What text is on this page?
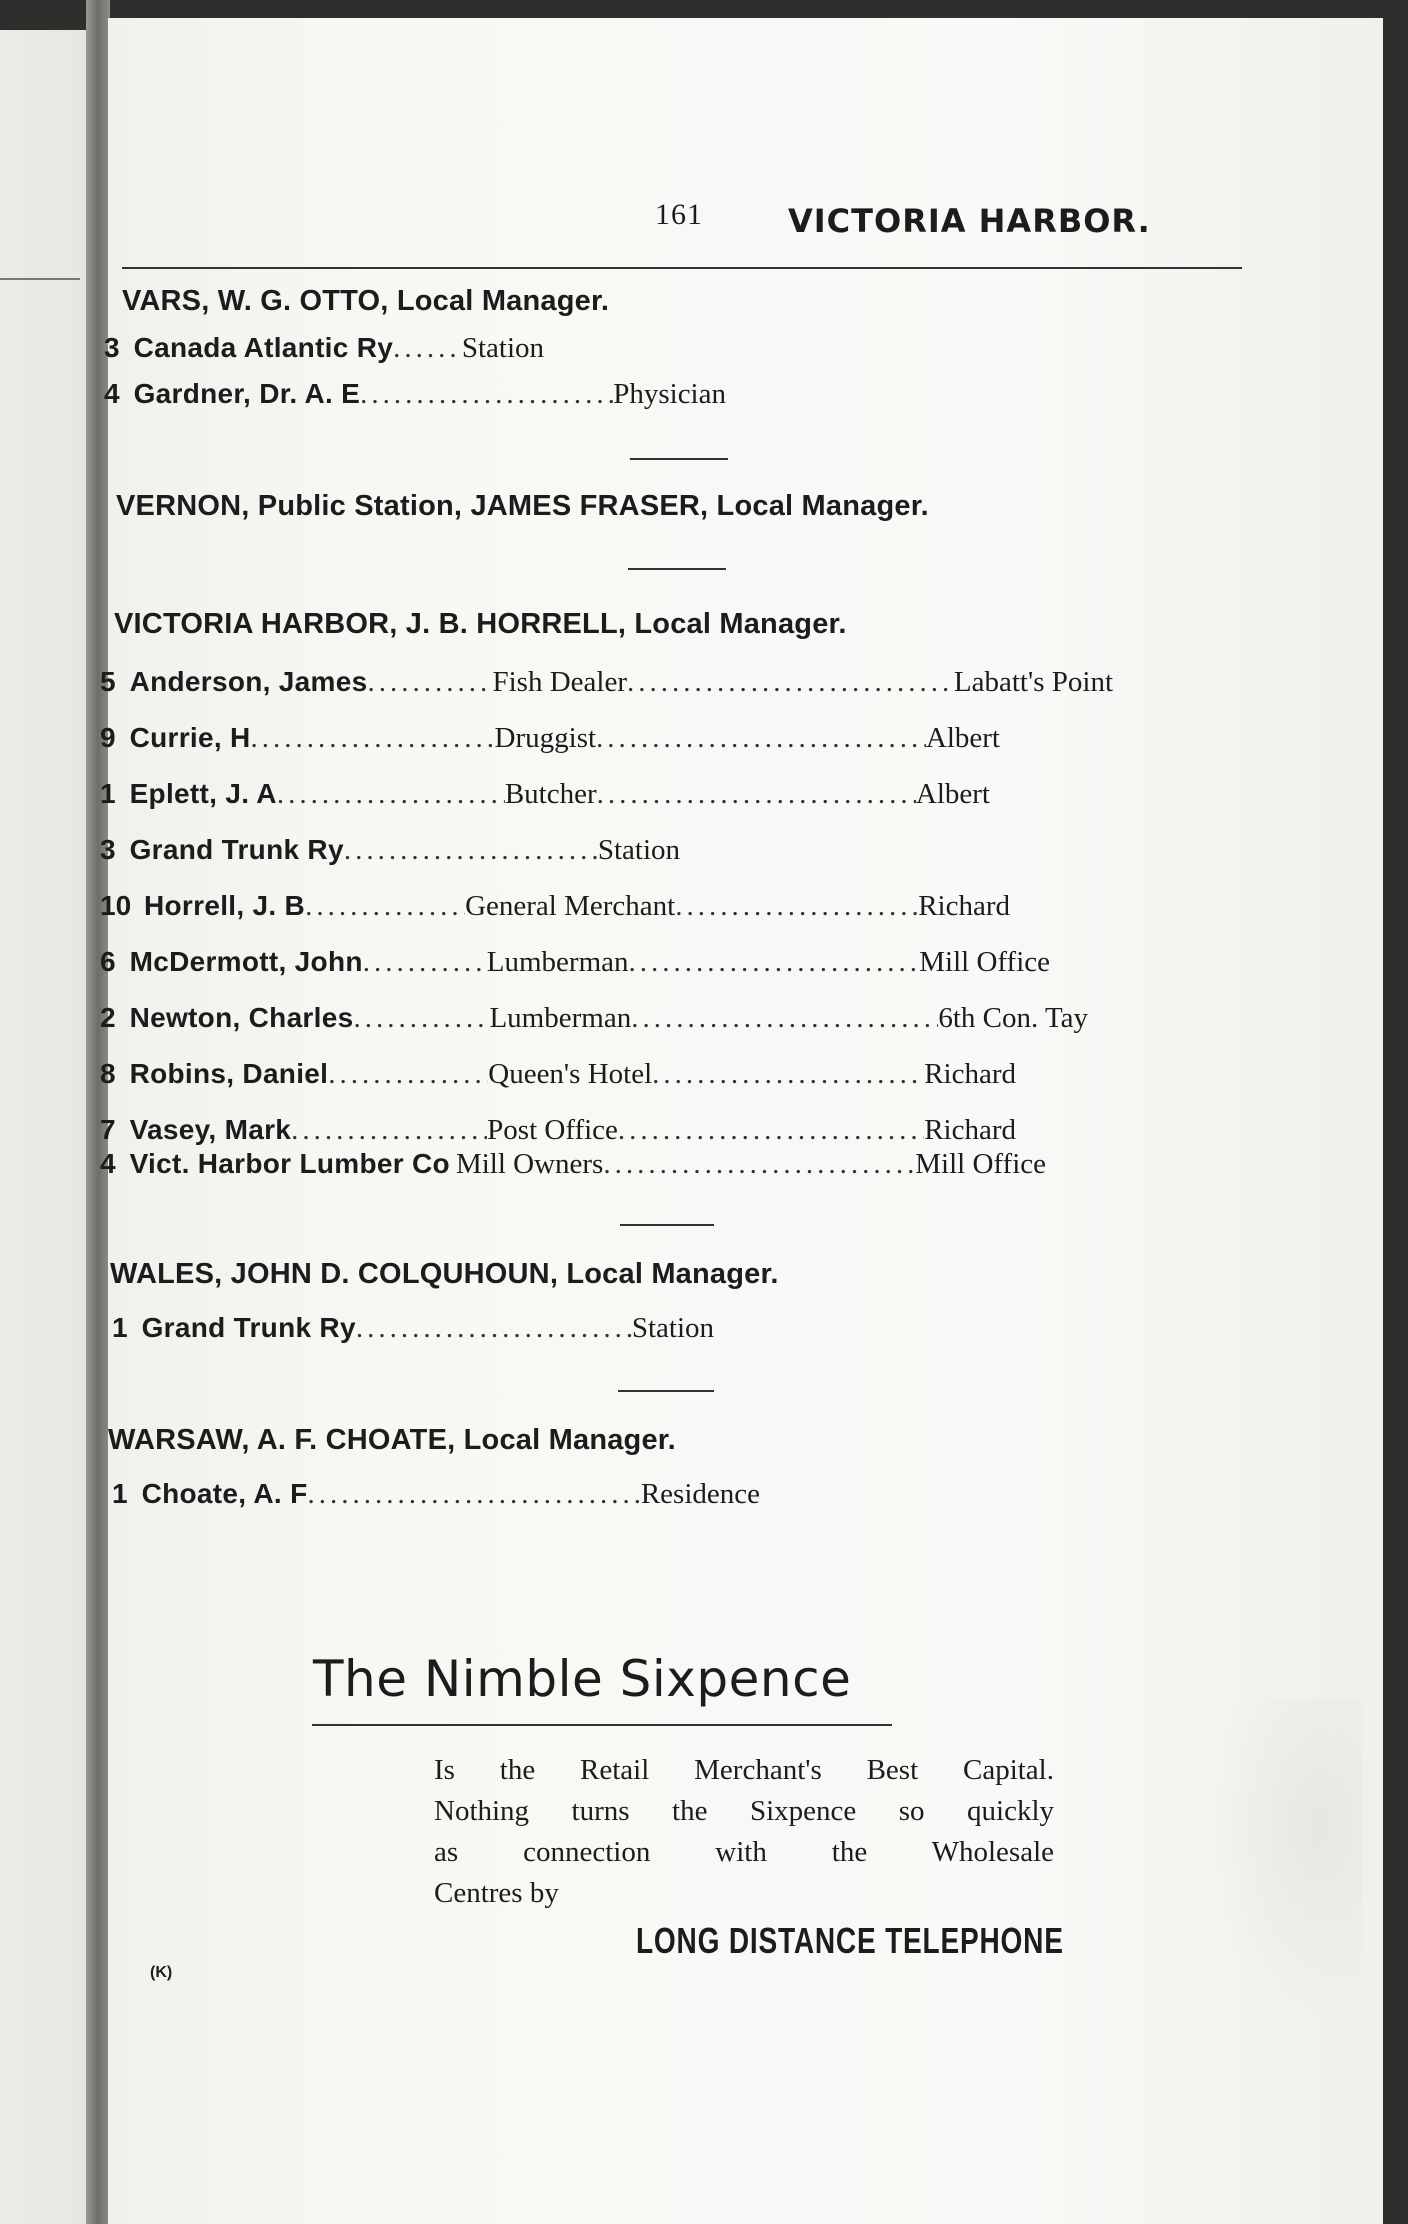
161	VICTORIA HARBOR.
VARS, W. G. OTTO, Local Manager.
3 Canada Atlantic Ry ..... Station
4 Gardner, Dr. A. E .....	Physician
VERNON, Public Station, JAMES FRASER, Local Manager.
VICTORIA HARBOR, J. B. HORRELL, Local Manager.
5 Anderson, James .....	Fish Dealer .....	Labatt's Point
9 Currie, H .....	Druggist .....	Albert
1 Eplett, J. A .....	Butcher .....	Albert
3 Grand Trunk Ry .....	Station
10 Horrell, J. B .....	General Merchant .....	Richard
6 McDermott, John .....	Lumberman .....	Mill Office
2 Newton, Charles .....	Lumberman .....	6th Con. Tay
8 Robins, Daniel .....	Queen's Hotel .....	Richard
7 Vasey, Mark .....	Post Office .....	Richard
4 Vict. Harbor Lumber Co Mill Owners .....	Mill Office
WALES, JOHN D. COLQUHOUN, Local Manager.
1 Grand Trunk Ry .....	Station
WARSAW, A. F. CHOATE, Local Manager.
1 Choate, A. F .....	Residence
The Nimble Sixpence
Is the Retail Merchant's Best Capital.
Nothing turns the Sixpence so quickly
as connection with the Wholesale
Centres by
LONG DISTANCE TELEPHONE
(K)
